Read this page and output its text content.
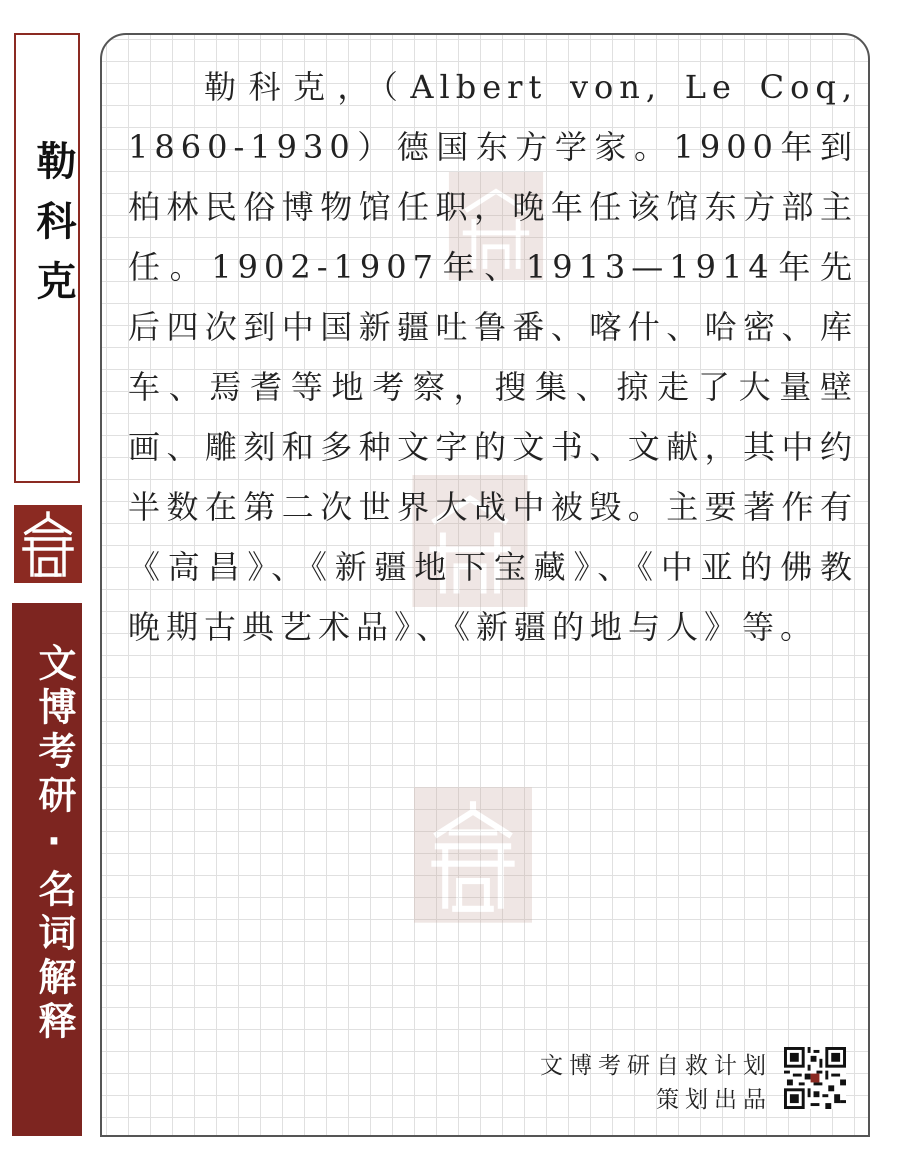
勒科克
文博考研·名词解释

勒科克，（Albert von, Le Coq, 1860-1930）德国东方学家。1900年到柏林民俗博物馆任职，晚年任该馆东方部主任。1902-1907年、1913—1914年先后四次到中国新疆吐鲁番、喀什、哈密、库车、焉耆等地考察，搜集、掠走了大量壁画、雕刻和多种文字的文书、文献，其中约半数在第二次世界大战中被毁。主要著作有《高昌》、《新疆地下宝藏》、《中亚的佛教晚期古典艺术品》、《新疆的地与人》等。

文博考研自救计划
策划出品
